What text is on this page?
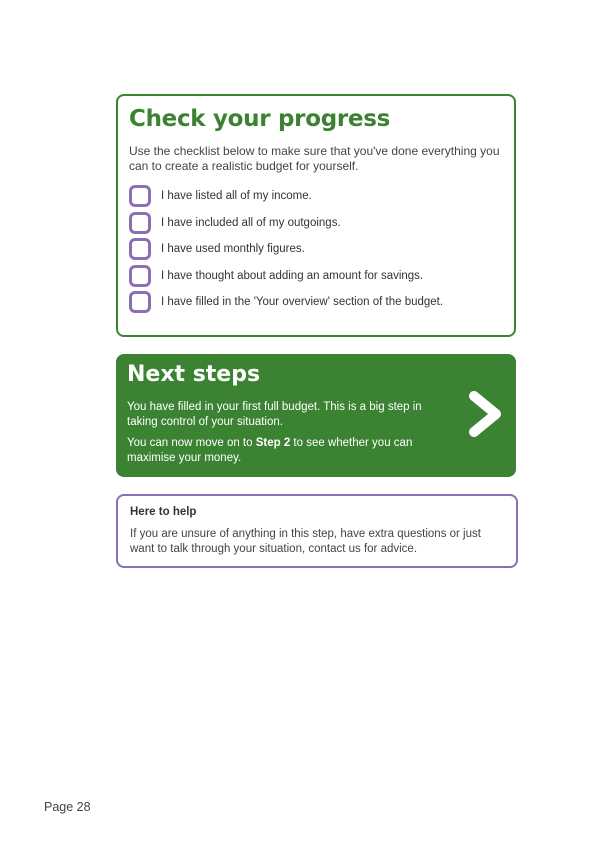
Check your progress

Use the checklist below to make sure that you've done everything you can to create a realistic budget for yourself.

I have listed all of my income.
I have included all of my outgoings.
I have used monthly figures.
I have thought about adding an amount for savings.
I have filled in the 'Your overview' section of the budget.
Next steps

You have filled in your first full budget. This is a big step in taking control of your situation.

You can now move on to Step 2 to see whether you can maximise your money.

Here to help

If you are unsure of anything in this step, have extra questions or just want to talk through your situation, contact us for advice.

Page 28
